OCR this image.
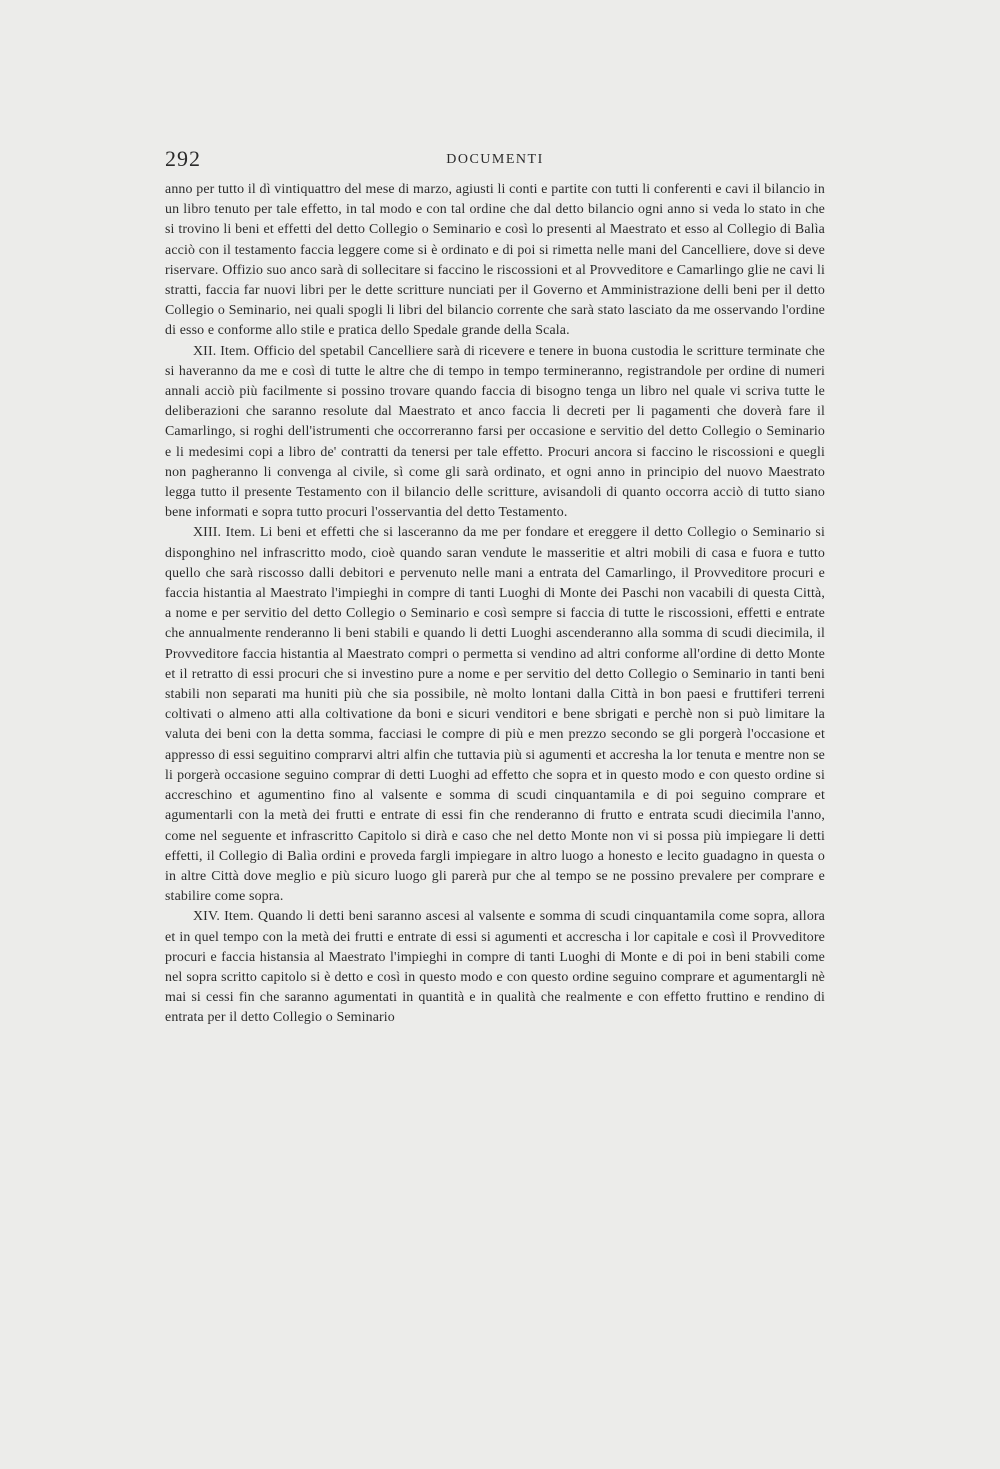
292	DOCUMENTI

anno per tutto il dì vintiquattro del mese di marzo, agiusti li conti e partite con tutti li conferenti e cavi il bilancio in un libro tenuto per tale effetto, in tal modo e con tal ordine che dal detto bilancio ogni anno si veda lo stato in che si trovino li beni et effetti del detto Collegio o Seminario e così lo presenti al Maestrato et esso al Collegio di Balìa acciò con il testamento faccia leggere come si è ordinato e di poi si rimetta nelle mani del Cancelliere, dove si deve riservare. Offizio suo anco sarà di sollecitare si faccino le riscossioni et al Provveditore e Camarlingo glie ne cavi li stratti, faccia far nuovi libri per le dette scritture nunciati per il Governo et Amministrazione delli beni per il detto Collegio o Seminario, nei quali spogli li libri del bilancio corrente che sarà stato lasciato da me osservando l'ordine di esso e conforme allo stile e pratica dello Spedale grande della Scala.

XII. Item. Officio del spetabil Cancelliere sarà di ricevere e tenere in buona custodia le scritture terminate che si haveranno da me e così di tutte le altre che di tempo in tempo termineranno, registrandole per ordine di numeri annali acciò più facilmente si possino trovare quando faccia di bisogno tenga un libro nel quale vi scriva tutte le deliberazioni che saranno resolute dal Maestrato et anco faccia li decreti per li pagamenti che doverà fare il Camarlingo, si roghi dell'istrumenti che occorreranno farsi per occasione e servitio del detto Collegio o Seminario e li medesimi copi a libro de' contratti da tenersi per tale effetto. Procuri ancora si faccino le riscossioni e quegli non pagheranno li convenga al civile, sì come gli sarà ordinato, et ogni anno in principio del nuovo Maestrato legga tutto il presente Testamento con il bilancio delle scritture, avisandoli di quanto occorra acciò di tutto siano bene informati e sopra tutto procuri l'osservantia del detto Testamento.

XIII. Item. Li beni et effetti che si lasceranno da me per fondare et ereggere il detto Collegio o Seminario si disponghino nel infrascritto modo, cioè quando saran vendute le masseritie et altri mobili di casa e fuora e tutto quello che sarà riscosso dalli debitori e pervenuto nelle mani a entrata del Camarlingo, il Provveditore procuri e faccia histantia al Maestrato l'impieghi in compre di tanti Luoghi di Monte dei Paschi non vacabili di questa Città, a nome e per servitio del detto Collegio o Seminario e così sempre si faccia di tutte le riscossioni, effetti e entrate che annualmente renderanno li beni stabili e quando li detti Luoghi ascenderanno alla somma di scudi diecimila, il Provveditore faccia histantia al Maestrato compri o permetta si vendino ad altri conforme all'ordine di detto Monte et il retratto di essi procuri che si investino pure a nome e per servitio del detto Collegio o Seminario in tanti beni stabili non separati ma huniti più che sia possibile, nè molto lontani dalla Città in bon paesi e fruttiferi terreni coltivati o almeno atti alla coltivatione da boni e sicuri venditori e bene sbrigati e perchè non si può limitare la valuta dei beni con la detta somma, facciasi le compre di più e men prezzo secondo se gli porgerà l'occasione et appresso di essi seguitino comprarvi altri alfin che tuttavia più si agumenti et accresha la lor tenuta e mentre non se li porgerà occasione seguino comprar di detti Luoghi ad effetto che sopra et in questo modo e con questo ordine si accreschino et agumentino fino al valsente e somma di scudi cinquantamila e di poi seguino comprare et agumentarli con la metà dei frutti e entrate di essi fin che renderanno di frutto e entrata scudi diecimila l'anno, come nel seguente et infrascritto Capitolo si dirà e caso che nel detto Monte non vi si possa più impiegare li detti effetti, il Collegio di Balìa ordini e proveda fargli impiegare in altro luogo a honesto e lecito guadagno in questa o in altre Città dove meglio e più sicuro luogo gli parerà pur che al tempo se ne possino prevalere per comprare e stabilire come sopra.

XIV. Item. Quando li detti beni saranno ascesi al valsente e somma di scudi cinquantamila come sopra, allora et in quel tempo con la metà dei frutti e entrate di essi si agumenti et accrescha i lor capitale e così il Provveditore procuri e faccia histansia al Maestrato l'impieghi in compre di tanti Luoghi di Monte e di poi in beni stabili come nel sopra scritto capitolo si è detto e così in questo modo e con questo ordine seguino comprare et agumentargli nè mai si cessi fin che saranno agumentati in quantità e in qualità che realmente e con effetto fruttino e rendino di entrata per il detto Collegio o Seminario
